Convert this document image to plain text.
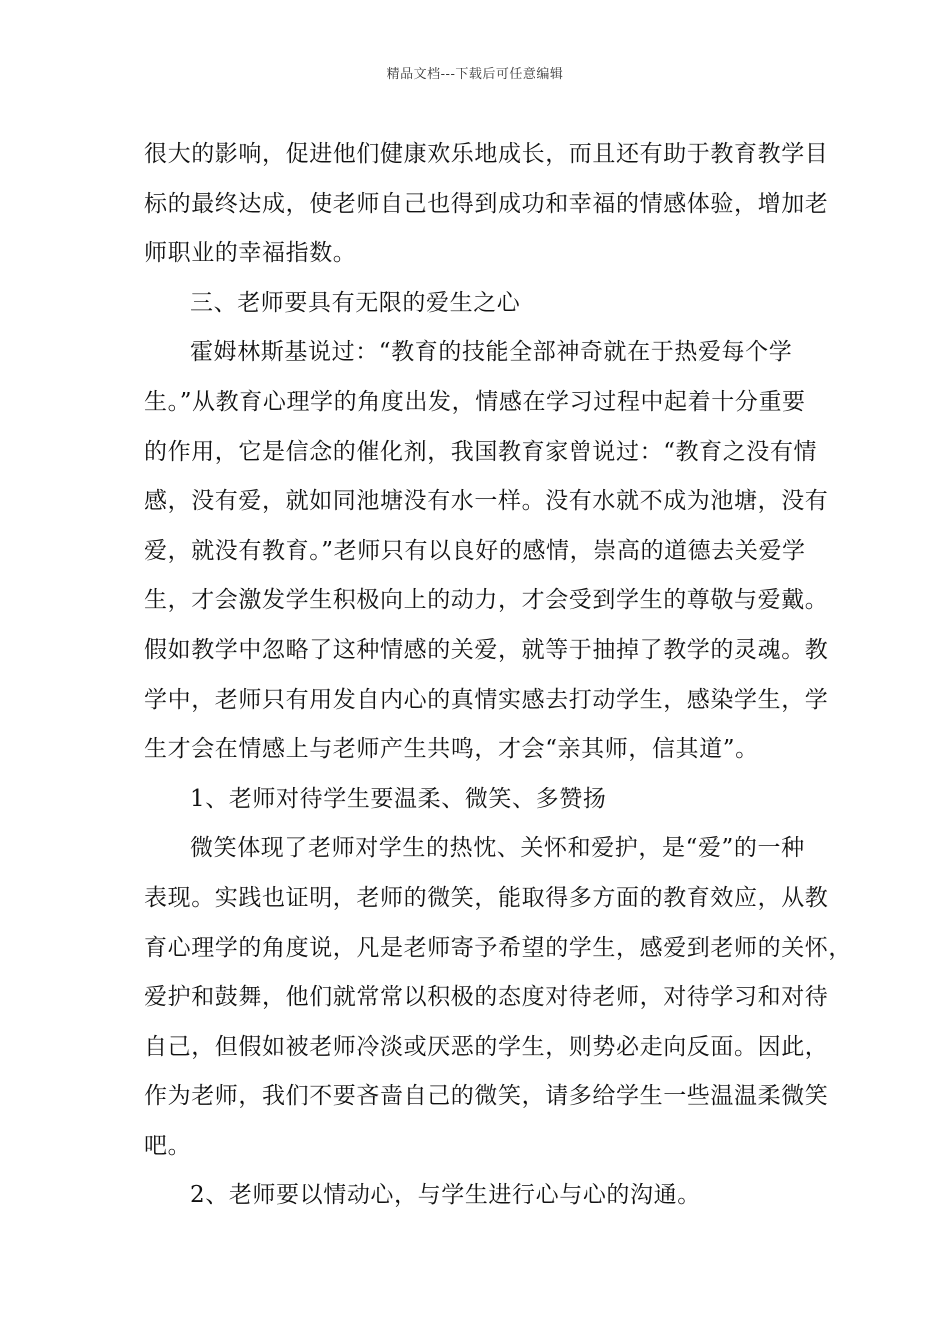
精品文档---下载后可任意编辑
很大的影响，促进他们健康欢乐地成长，而且还有助于教育教学目
标的最终达成，使老师自己也得到成功和幸福的情感体验，增加老
师职业的幸福指数。
三、老师要具有无限的爱生之心
霍姆林斯基说过：“教育的技能全部神奇就在于热爱每个学
生。”从教育心理学的角度出发，情感在学习过程中起着十分重要
的作用，它是信念的催化剂，我国教育家曾说过：“教育之没有情
感，没有爱，就如同池塘没有水一样。没有水就不成为池塘，没有
爱，就没有教育。”老师只有以良好的感情，崇高的道德去关爱学
生，才会激发学生积极向上的动力，才会受到学生的尊敬与爱戴。
假如教学中忽略了这种情感的关爱，就等于抽掉了教学的灵魂。教
学中，老师只有用发自内心的真情实感去打动学生，感染学生，学
生才会在情感上与老师产生共鸣，才会“亲其师，信其道”。
1、老师对待学生要温柔、微笑、多赞扬
微笑体现了老师对学生的热忱、关怀和爱护，是“爱”的一种
表现。实践也证明，老师的微笑，能取得多方面的教育效应，从教
育心理学的角度说，凡是老师寄予希望的学生，感爱到老师的关怀，
爱护和鼓舞，他们就常常以积极的态度对待老师，对待学习和对待
自己，但假如被老师冷淡或厌恶的学生，则势必走向反面。因此，
作为老师，我们不要吝啬自己的微笑，请多给学生一些温温柔微笑
吧。
2、老师要以情动心，与学生进行心与心的沟通。
